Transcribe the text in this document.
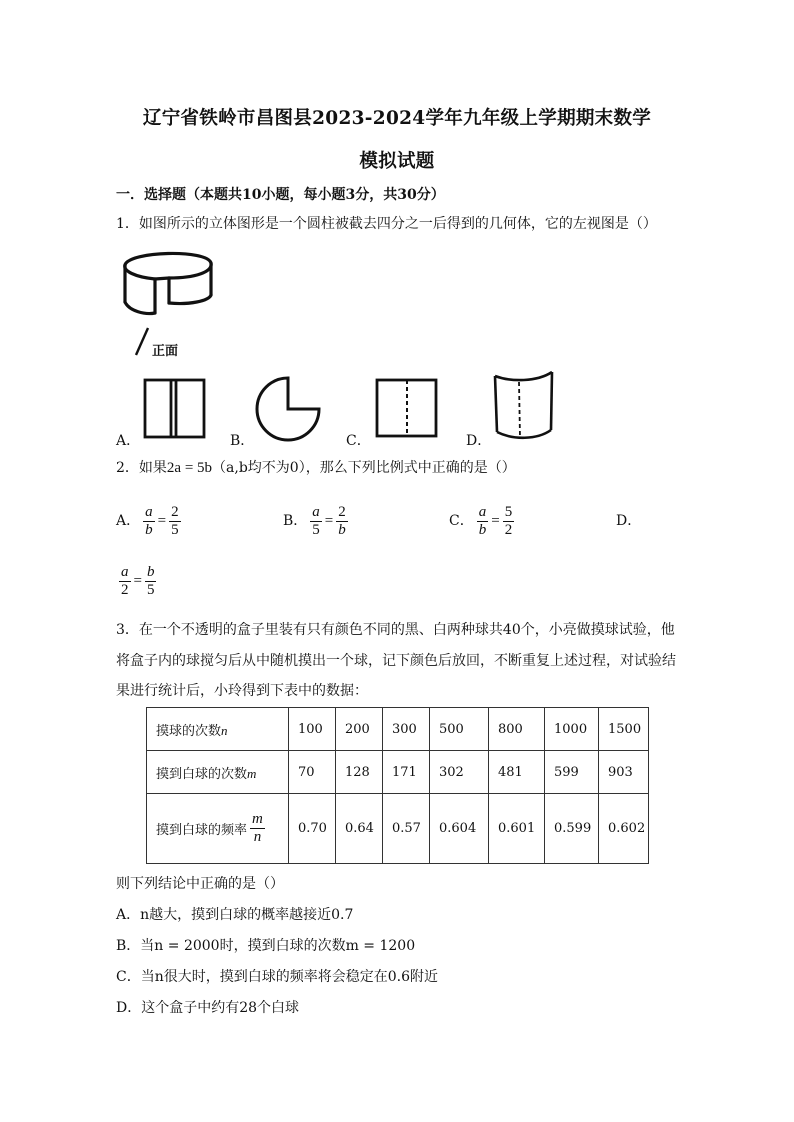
辽宁省铁岭市昌图县2023-2024学年九年级上学期期末数学
模拟试题
一．选择题（本题共10小题，每小题3分，共30分）
1．如图所示的立体图形是一个圆柱被截去四分之一后得到的几何体，它的左视图是（）
正面
A．	B．	C．	D．
2．如果2a = 5b（a,b均不为0），那么下列比例式中正确的是（）
A． $\frac{a}{b} = \frac{2}{5}$	B． $\frac{a}{5} = \frac{2}{b}$	C． $\frac{a}{b} = \frac{5}{2}$	D．
$\frac{a}{2} = \frac{b}{5}$
3．在一个不透明的盒子里装有只有颜色不同的黑、白两种球共40个，小亮做摸球试验，他
将盒子内的球搅匀后从中随机摸出一个球，记下颜色后放回，不断重复上述过程，对试验结
果进行统计后，小玲得到下表中的数据：
摸球的次数n	100	200	300	500	800	1000	1500
摸到白球的次数m	70	128	171	302	481	599	903
摸到白球的频率 $\frac{m}{n}$	0.70	0.64	0.57	0.604	0.601	0.599	0.602
则下列结论中正确的是（）
A．n越大，摸到白球的概率越接近0.7
B．当n = 2000时，摸到白球的次数m = 1200
C．当n很大时，摸到白球的频率将会稳定在0.6附近
D．这个盒子中约有28个白球
